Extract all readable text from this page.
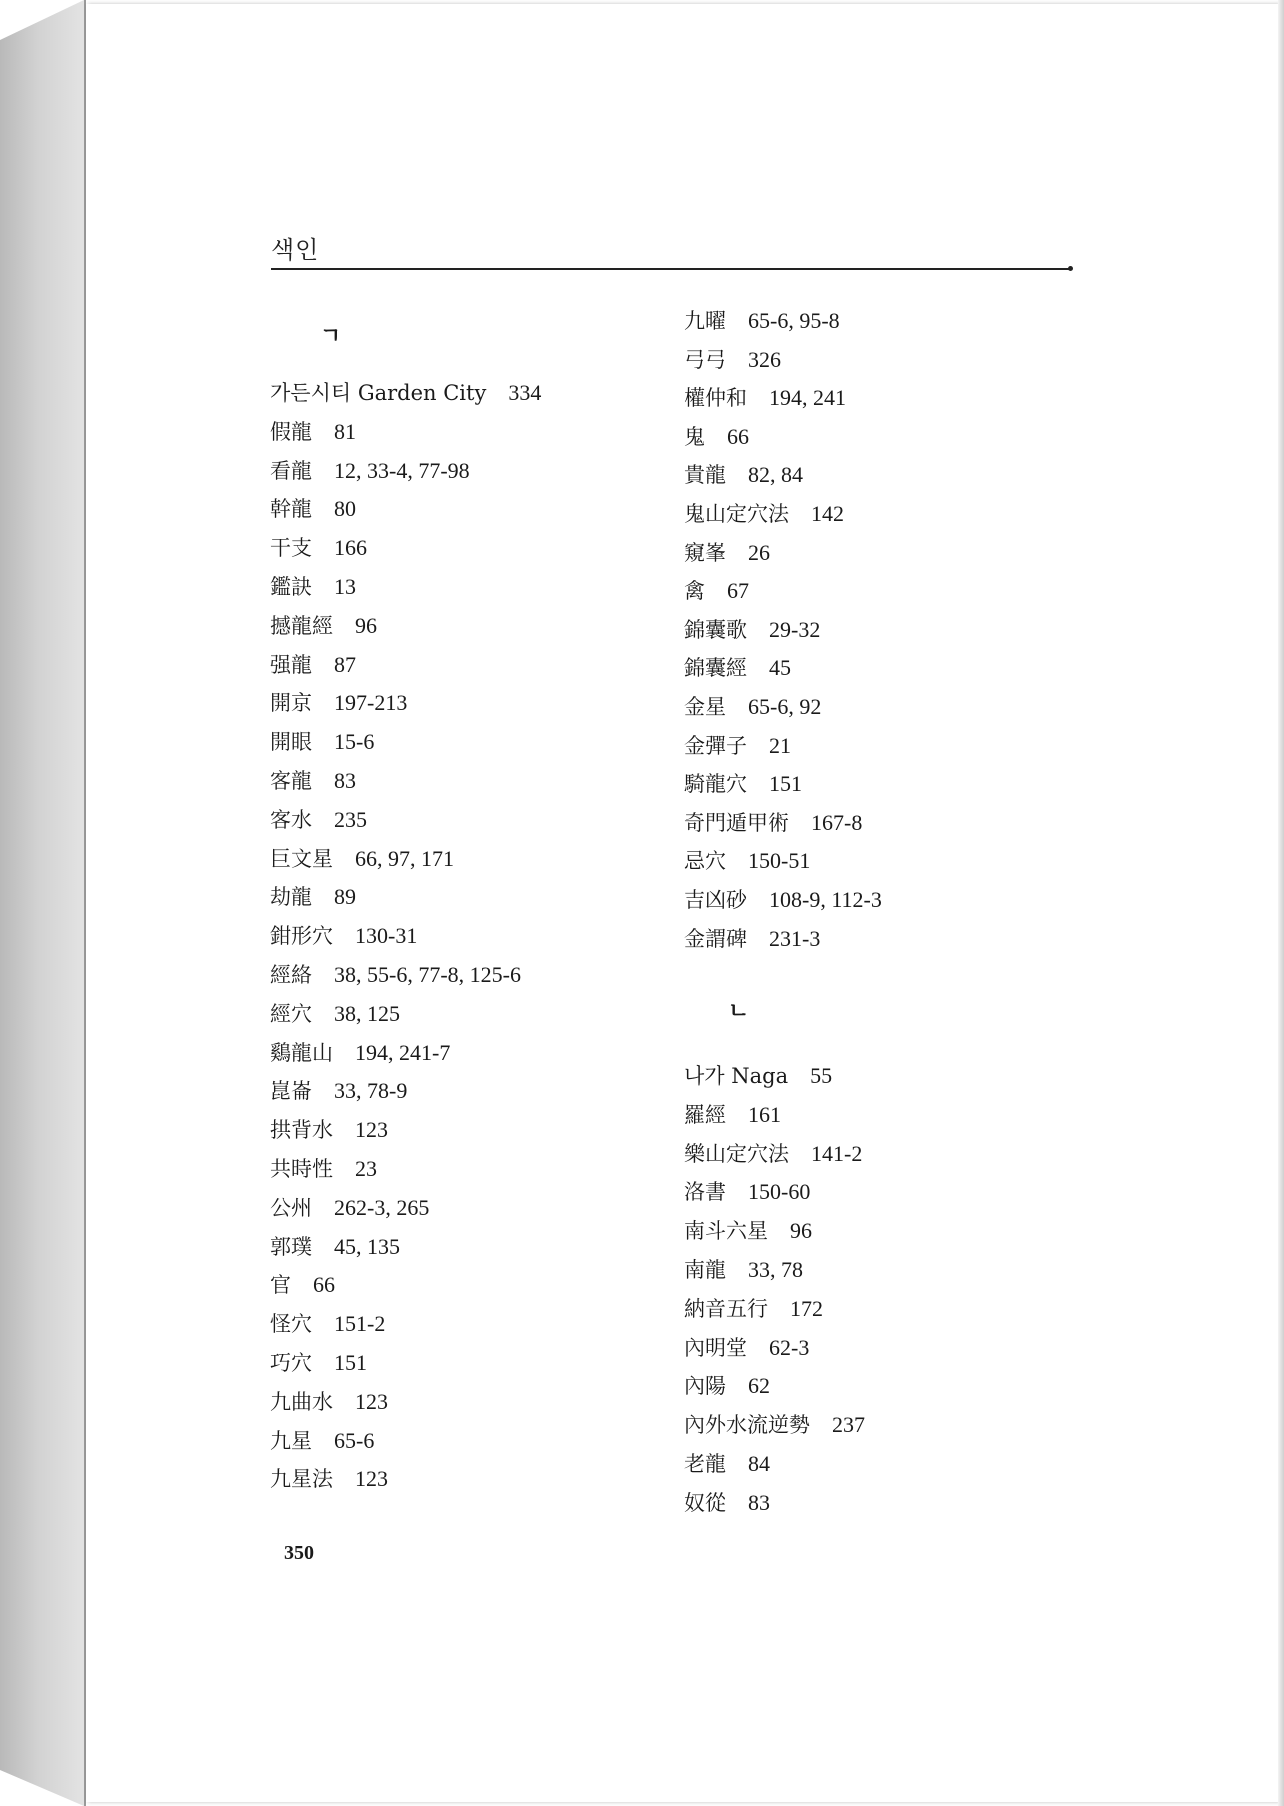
색인
ㄱ
가든시티 Garden City 334
假龍 81
看龍 12, 33-4, 77-98
幹龍 80
干支 166
鑑訣 13
撼龍經 96
强龍 87
開京 197-213
開眼 15-6
客龍 83
客水 235
巨文星 66, 97, 171
劫龍 89
鉗形穴 130-31
經絡 38, 55-6, 77-8, 125-6
經穴 38, 125
鷄龍山 194, 241-7
崑崙 33, 78-9
拱背水 123
共時性 23
公州 262-3, 265
郭璞 45, 135
官 66
怪穴 151-2
巧穴 151
九曲水 123
九星 65-6
九星法 123
ㄴ
九曜 65-6, 95-8
弓弓 326
權仲和 194, 241
鬼 66
貴龍 82, 84
鬼山定穴法 142
窺峯 26
禽 67
錦囊歌 29-32
錦囊經 45
金星 65-6, 92
金彈子 21
騎龍穴 151
奇門遁甲術 167-8
忌穴 150-51
吉凶砂 108-9, 112-3
金謂碑 231-3
나가 Naga 55
羅經 161
樂山定穴法 141-2
洛書 150-60
南斗六星 96
南龍 33, 78
納音五行 172
內明堂 62-3
內陽 62
內外水流逆勢 237
老龍 84
奴從 83
350
